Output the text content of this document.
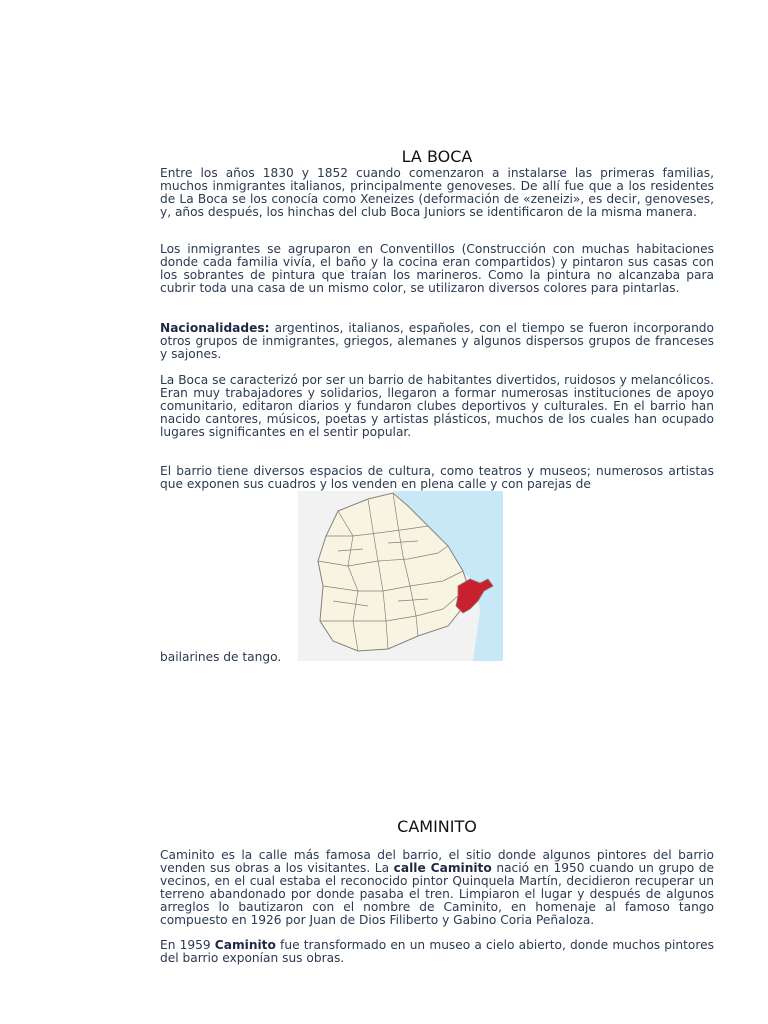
LA BOCA

Entre los años 1830 y 1852 cuando comenzaron a instalarse las primeras familias, muchos inmigrantes italianos, principalmente genoveses. De allí fue que a los residentes de La Boca se los conocía como Xeneizes (deformación de «zeneizi», es decir, genoveses, y, años después, los hinchas del club Boca Juniors se identificaron de la misma manera.

Los inmigrantes se agruparon en Conventillos (Construcción con muchas habitaciones donde cada familia vivía, el baño y la cocina eran compartidos) y pintaron sus casas con los sobrantes de pintura que traían los marineros. Como la pintura no alcanzaba para cubrir toda una casa de un mismo color, se utilizaron diversos colores para pintarlas.

Nacionalidades: argentinos, italianos, españoles, con el tiempo se fueron incorporando otros grupos de inmigrantes, griegos, alemanes y algunos dispersos grupos de franceses y sajones.

La Boca se caracterizó por ser un barrio de habitantes divertidos, ruidosos y melancólicos. Eran muy trabajadores y solidarios, llegaron a formar numerosas instituciones de apoyo comunitario, editaron diarios y fundaron clubes deportivos y culturales. En el barrio han nacido cantores, músicos, poetas y artistas plásticos, muchos de los cuales han ocupado lugares significantes en el sentir popular.

El barrio tiene diversos espacios de cultura, como teatros y museos; numerosos artistas que exponen sus cuadros y los venden en plena calle y con parejas de

bailarines de tango.

CAMINITO

Caminito es la calle más famosa del barrio, el sitio donde algunos pintores del barrio venden sus obras a los visitantes. La calle Caminito nació en 1950 cuando un grupo de vecinos, en el cual estaba el reconocido pintor Quinquela Martín, decidieron recuperar un terreno abandonado por donde pasaba el tren. Limpiaron el lugar y después de algunos arreglos lo bautizaron con el nombre de Caminito, en homenaje al famoso tango compuesto en 1926 por Juan de Dios Filiberto y Gabino Coria Peñaloza.

En 1959 Caminito fue transformado en un museo a cielo abierto, donde muchos pintores del barrio exponían sus obras.
